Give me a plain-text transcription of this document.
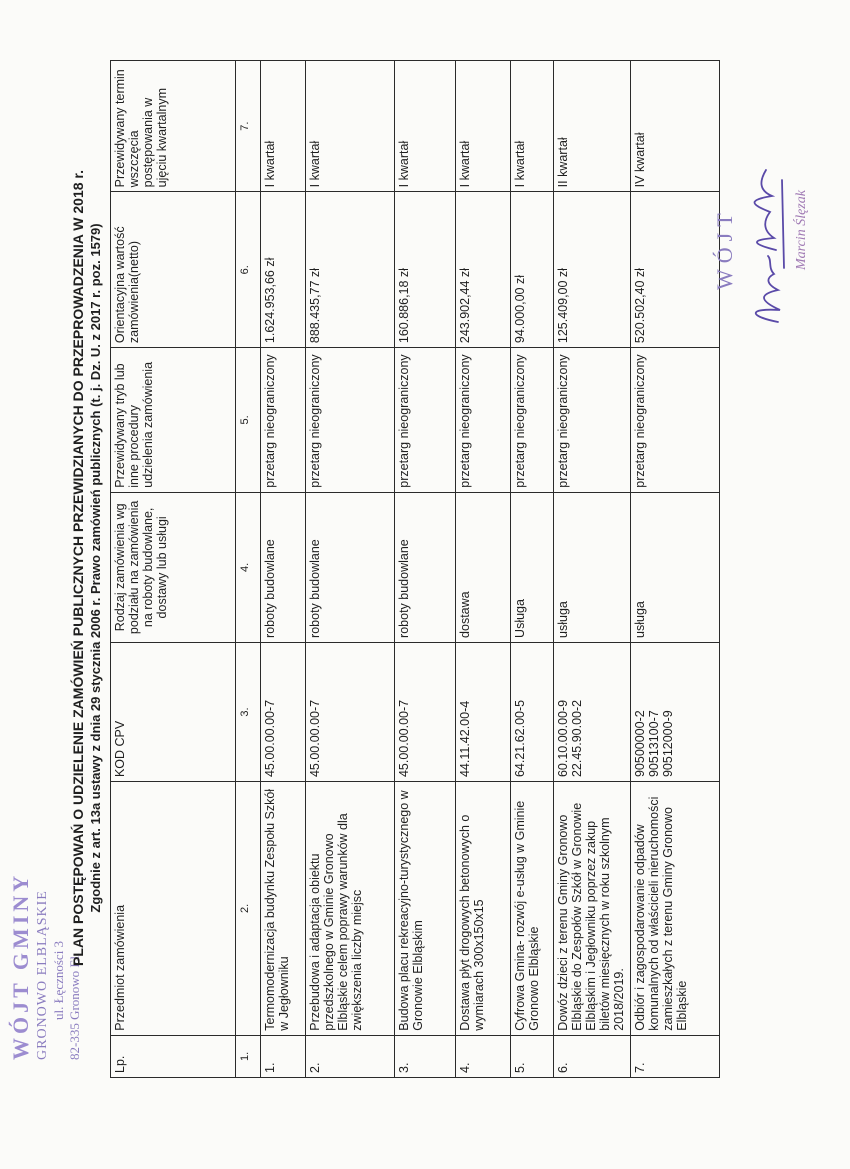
WÓJT GMINY GRONOWO ELBLĄSKIE ul. Łęczności 3 82-335 Gronowo El.
PLAN POSTĘPOWAŃ O UDZIELENIE ZAMÓWIEŃ PUBLICZNYCH PRZEWIDZIANYCH DO PRZEPROWADZENIA W 2018 r. Zgodnie z art. 13a ustawy z dnia 29 stycznia 2006 r. Prawo zamówień publicznych (t. j. Dz. U. z 2017 r. poz. 1579)
Lp.	Przedmiot zamówienia	KOD CPV	Rodzaj zamówienia wg podziału na zamówienia na roboty budowlane, dostawy lub usługi	Przewidywany tryb lub inne procedury udzielenia zamówienia	Orientacyjna wartość zamówienia(netto)	Przewidywany termin wszczęcia postępowania w ujęciu kwartalnym
1.	2.	3.	4.	5.	6.	7.
1.	Termomodernizacja budynku Zespołu Szkół w Jegłowniku	45.00.00.00-7	roboty budowlane	przetarg nieograniczony	1.624.953,66 zł	I kwartał
2.	Przebudowa i adaptacja obiektu przedszkolnego w Gminie Gronowo Elbląskie celem poprawy warunków dla zwiększenia liczby miejsc	45.00.00.00-7	roboty budowlane	przetarg nieograniczony	888.435,77 zł	I kwartał
3.	Budowa placu rekreacyjno-turystycznego w Gronowie Elbląskim	45.00.00.00-7	roboty budowlane	przetarg nieograniczony	160.886,18 zł	I kwartał
4.	Dostawa płyt drogowych betonowych o wymiarach 300x150x15	44.11.42.00-4	dostawa	przetarg nieograniczony	243.902,44 zł	I kwartał
5.	Cyfrowa Gmina- rozwój e-usług w Gminie Gronowo Elbląskie	64.21.62.00-5	Usługa	przetarg nieograniczony	94.000,00 zł	I kwartał
6.	Dowóz dzieci z terenu Gminy Gronowo Elbląskie do Zespołów Szkół w Gronowie Elbląskim i Jegłowniku poprzez zakup biletów miesięcznych w roku szkolnym 2018/2019.	60.10.00.00-9
22.45.90.00-2	usługa	przetarg nieograniczony	125.409,00 zł	II kwartał
7.	Odbiór i zagospodarowanie odpadów komunalnych od właścicieli nieruchomości zamieszkałych z terenu Gminy Gronowo Elbląskie	90500000-2
90513100-7
90512000-9	usługa	przetarg nieograniczony	520.502,40 zł	IV kwartał
WÓJT	Marcin Ślęzak
